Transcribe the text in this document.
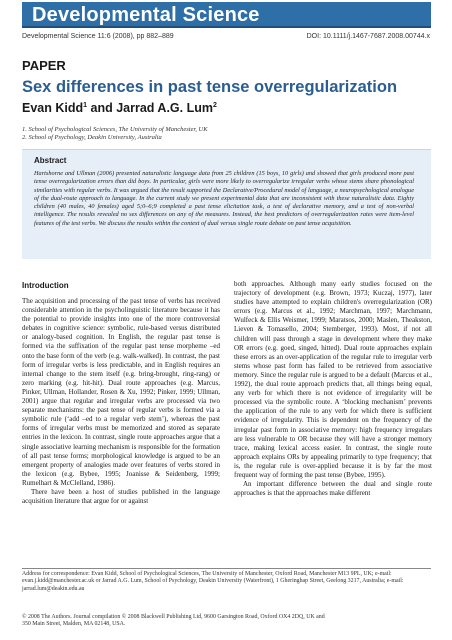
Developmental Science
Developmental Science 11:6 (2008), pp 882–889	DOI: 10.1111/j.1467-7687.2008.00744.x
PAPER
Sex differences in past tense overregularization
Evan Kidd$^1$ and Jarrad A.G. Lum$^2$
1. School of Psychological Sciences, The University of Manchester, UK
2. School of Psychology, Deakin University, Australia
Abstract
Hartshorne and Ullman (2006) presented naturalistic language data from 25 children (15 boys, 10 girls) and showed that girls produced more past tense overregularization errors than did boys. In particular, girls were more likely to overregularize irregular verbs whose stems share phonological similarities with regular verbs. It was argued that the result supported the Declarative/Procedural model of language, a neuropsychological analogue of the dual-route approach to language. In the current study we present experimental data that are inconsistent with these naturalistic data. Eighty children (40 males, 40 females) aged 5;0–6;9 completed a past tense elicitation task, a test of declarative memory, and a test of non-verbal intelligence. The results revealed no sex differences on any of the measures. Instead, the best predictors of overregularization rates were item-level features of the test verbs. We discuss the results within the context of dual versus single route debate on past tense acquisition.
Introduction

The acquisition and processing of the past tense of verbs has received considerable attention in the psycholinguistic literature because it has the potential to provide insights into one of the more controversial debates in cognitive science: symbolic, rule-based versus distributed or analogy-based cognition. In English, the regular past tense is formed via the suffixation of the regular past tense morpheme –ed onto the base form of the verb (e.g. walk-walked). In contrast, the past form of irregular verbs is less predictable, and in English requires an internal change to the stem itself (e.g. bring-brought, ring-rang) or zero marking (e.g. hit-hit). Dual route approaches (e.g. Marcus, Pinker, Ullman, Hollander, Rosen & Xu, 1992; Pinker, 1999; Ullman, 2001) argue that regular and irregular verbs are processed via two separate mechanisms: the past tense of regular verbs is formed via a symbolic rule (‘add –ed to a regular verb stem’), whereas the past forms of irregular verbs must be memorized and stored as separate entries in the lexicon. In contrast, single route approaches argue that a single associative learning mechanism is responsible for the formation of all past tense forms; morphological knowledge is argued to be an emergent property of analogies made over features of verbs stored in the lexicon (e.g. Bybee, 1995; Joanisse & Seidenberg, 1999; Rumelhart & McClelland, 1986).

There have been a host of studies published in the language acquisition literature that argue for or against

both approaches. Although many early studies focused on the trajectory of development (e.g. Brown, 1973; Kuczaj, 1977), later studies have attempted to explain children's overregularization (OR) errors (e.g. Marcus et al., 1992; Marchman, 1997; Marchmann, Wulfeck & Ellis Weismer, 1999; Maratsos, 2000; Maslen, Theakston, Lieven & Tomasello, 2004; Stemberger, 1993). Most, if not all children will pass through a stage in development where they make OR errors (e.g. goed, singed, hitted). Dual route approaches explain these errors as an over-application of the regular rule to irregular verb stems whose past form has failed to be retrieved from associative memory. Since the regular rule is argued to be a default (Marcus et al., 1992), the dual route approach predicts that, all things being equal, any verb for which there is not evidence of irregularity will be processed via the symbolic route. A ‘blocking mechanism’ prevents the application of the rule to any verb for which there is sufficient evidence of irregularity. This is dependent on the frequency of the irregular past form in associative memory: high frequency irregulars are less vulnerable to OR because they will have a stronger memory trace, making lexical access easier. In contrast, the single route approach explains ORs by appealing primarily to type frequency; that is, the regular rule is over-applied because it is by far the most frequent way of forming the past tense (Bybee, 1995).

An important difference between the dual and single route approaches is that the approaches make different

Address for correspondence: Evan Kidd, School of Psychological Sciences, The University of Manchester, Oxford Road, Manchester M13 9PL, UK; e-mail: evan.j.kidd@manchester.ac.uk or Jarrad A.G. Lum, School of Psychology, Deakin University (Waterfront), 1 Gheringhap Street, Geelong 3217, Australia; e-mail: jarrad.lum@deakin.edu.au
© 2008 The Authors. Journal compilation © 2008 Blackwell Publishing Ltd, 9600 Garsington Road, Oxford OX4 2DQ, UK and
350 Main Street, Malden, MA 02148, USA.
